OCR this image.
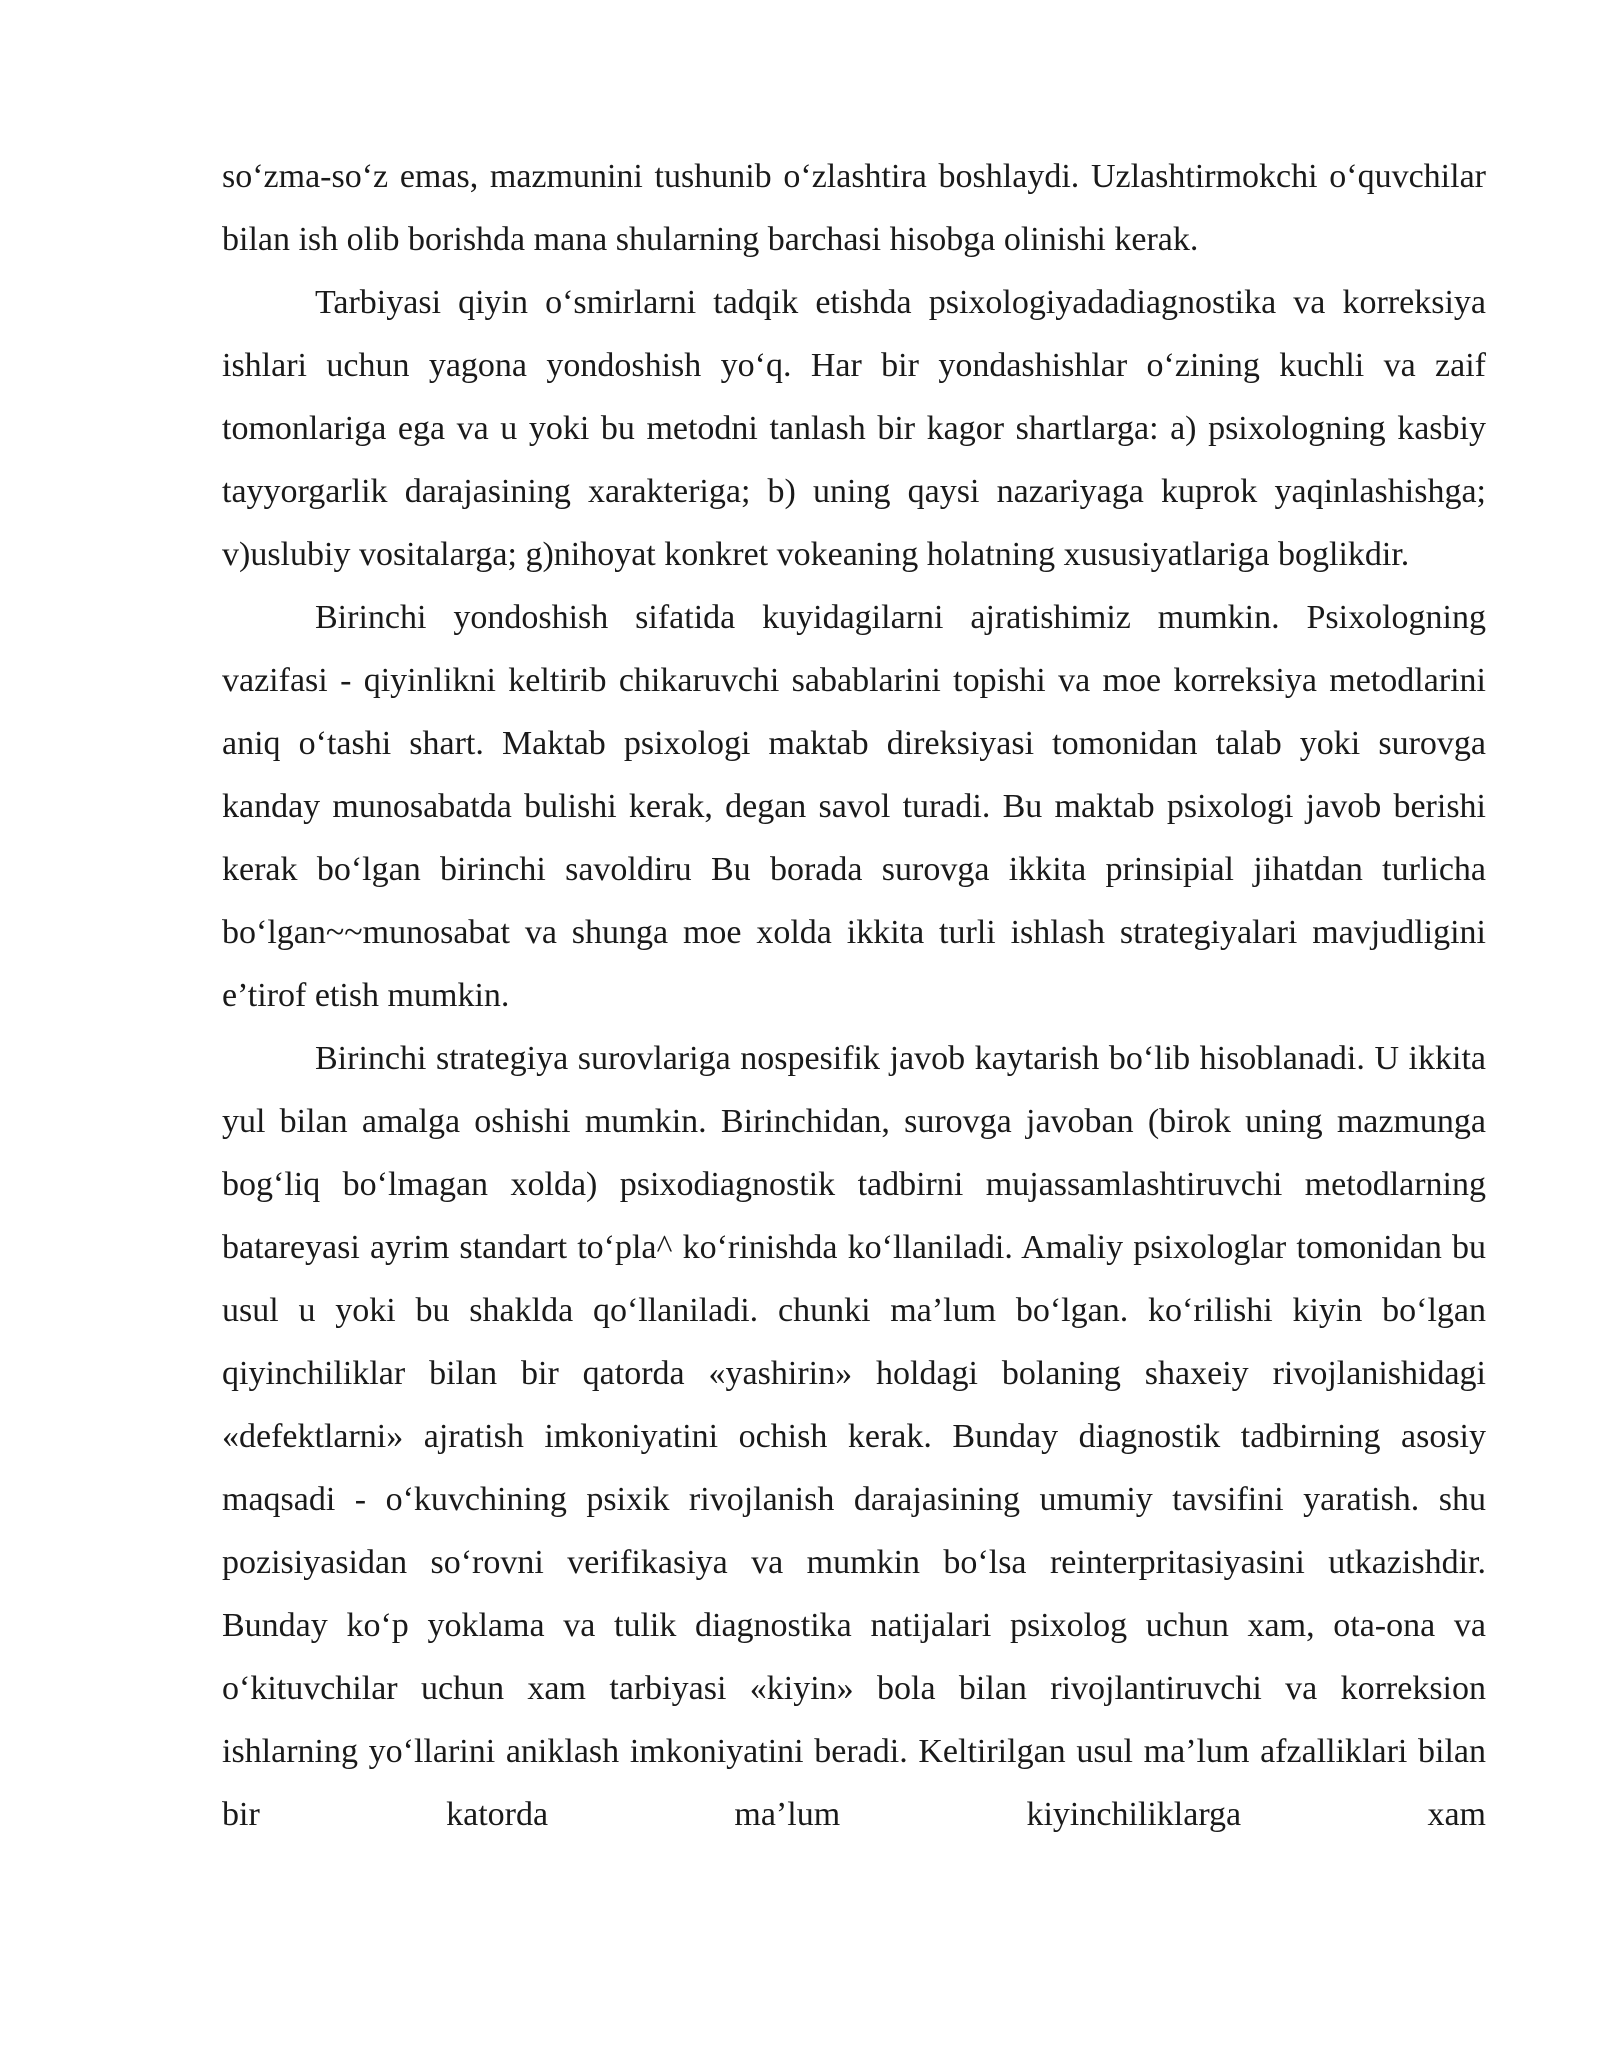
so‘zma-so‘z emas, mazmunini tushunib o‘zlashtira boshlaydi. Uzlashtirmokchi o‘quvchilar bilan ish olib borishda mana shularning barchasi hisobga olinishi kerak.

Tarbiyasi qiyin o‘smirlarni tadqik etishda psixologiyadadiagnostika va korreksiya ishlari uchun yagona yondoshish yo‘q. Har bir yondashishlar o‘zining kuchli va zaif tomonlariga ega va u yoki bu metodni tanlash bir kagor shartlarga: a) psixologning kasbiy tayyorgarlik darajasining xarakteriga; b) uning qaysi nazariyaga kuprok yaqinlashishga; v)uslubiy vositalarga; g)nihoyat konkret vokeaning holatning xususiyatlariga boglikdir.

Birinchi yondoshish sifatida kuyidagilarni ajratishimiz mumkin. Psixologning vazifasi - qiyinlikni keltirib chikaruvchi sabablarini topishi va moe korreksiya metodlarini aniq o‘tashi shart. Maktab psixologi maktab direksiyasi tomonidan talab yoki surovga kanday munosabatda bulishi kerak, degan savol turadi. Bu maktab psixologi javob berishi kerak bo‘lgan birinchi savoldiru Bu borada surovga ikkita prinsipial jihatdan turlicha bo‘lgan~~munosabat va shunga moe xolda ikkita turli ishlash strategiyalari mavjudligini e’tirof etish mumkin.

Birinchi strategiya surovlariga nospesifik javob kaytarish bo‘lib hisoblanadi. U ikkita yul bilan amalga oshishi mumkin. Birinchidan, surovga javoban (birok uning mazmunga bog‘liq bo‘lmagan xolda) psixodiagnostik tadbirni mujassamlashtiruvchi metodlarning batareyasi ayrim standart to‘pla^ ko‘rinishda ko‘llaniladi. Amaliy psixologlar tomonidan bu usul u yoki bu shaklda qo‘llaniladi. chunki ma’lum bo‘lgan. ko‘rilishi kiyin bo‘lgan qiyinchiliklar bilan bir qatorda «yashirin» holdagi bolaning shaxeiy rivojlanishidagi «defektlarni» ajratish imkoniyatini ochish kerak. Bunday diagnostik tadbirning asosiy maqsadi - o‘kuvchining psixik rivojlanish darajasining umumiy tavsifini yaratish. shu pozisiyasidan so‘rovni verifikasiya va mumkin bo‘lsa reinterpritasiyasini utkazishdir. Bunday ko‘p yoklama va tulik diagnostika natijalari psixolog uchun xam, ota-ona va o‘kituvchilar uchun xam tarbiyasi «kiyin» bola bilan rivojlantiruvchi va korreksion ishlarning yo‘llarini aniklash imkoniyatini beradi. Keltirilgan usul ma’lum afzalliklari bilan bir katorda ma’lum kiyinchiliklarga xam
